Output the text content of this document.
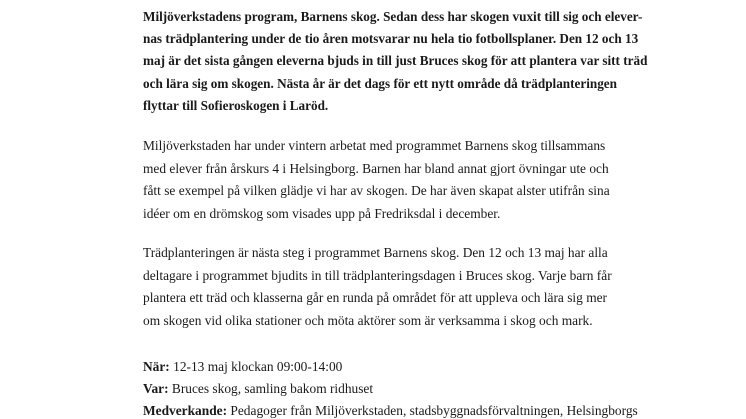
Miljöverkstadens program, Barnens skog. Sedan dess har skogen vuxit till sig och elever-
nas trädplantering under de tio åren motsvarar nu hela tio fotbollsplaner. Den 12 och 13
maj är det sista gången eleverna bjuds in till just Bruces skog för att plantera var sitt träd
och lära sig om skogen. Nästa år är det dags för ett nytt område då trädplanteringen
flyttar till Sofieroskogen i Laröd.
Miljöverkstaden har under vintern arbetat med programmet Barnens skog tillsammans
med elever från årskurs 4 i Helsingborg. Barnen har bland annat gjort övningar ute och
fått se exempel på vilken glädje vi har av skogen. De har även skapat alster utifrån sina
idéer om en drömskog som visades upp på Fredriksdal i december.
Trädplanteringen är nästa steg i programmet Barnens skog. Den 12 och 13 maj har alla
deltagare i programmet bjudits in till trädplanteringsdagen i Bruces skog. Varje barn får
plantera ett träd och klasserna går en runda på området för att uppleva och lära sig mer
om skogen vid olika stationer och möta aktörer som är verksamma i skog och mark.
När: 12-13 maj klockan 09:00-14:00
Var: Bruces skog, samling bakom ridhuset
Medverkande: Pedagoger från Miljöverkstaden, stadsbyggnadsförvaltningen, Helsingborgs
